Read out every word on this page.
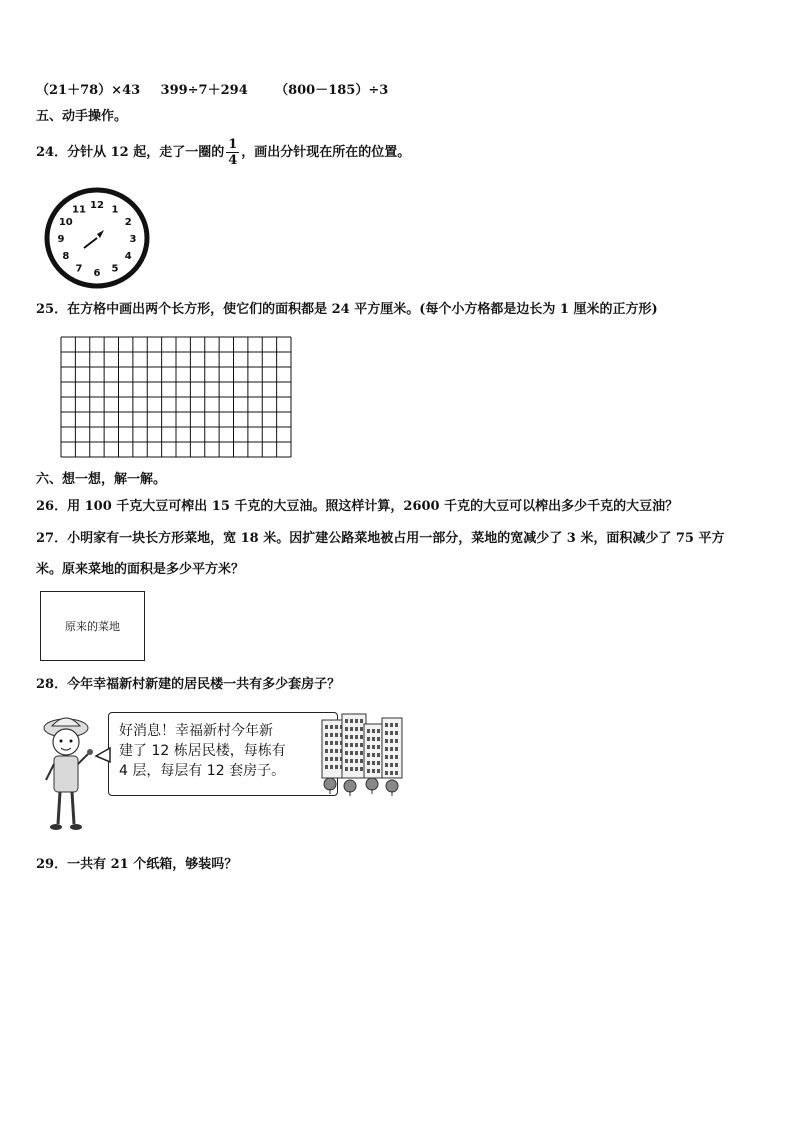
（21＋78）×43 399÷7＋294 （800－185）÷3
五、动手操作。
24．分针从 12 起，走了一圈的 $\frac{1}{4}$ ，画出分针现在所在的位置。
12 1
2
3
4
5
6
7
8
9
10
11
25．在方格中画出两个长方形，使它们的面积都是 24 平方厘米。(每个小方格都是边长为 1 厘米的正方形)
六、想一想，解一解。
26．用 100 千克大豆可榨出 15 千克的大豆油。照这样计算，2600 千克的大豆可以榨出多少千克的大豆油？
27．小明家有一块长方形菜地，宽 18 米。因扩建公路菜地被占用一部分，菜地的宽减少了 3 米，面积减少了 75 平方
米。原来菜地的面积是多少平方米？
原来的菜地
28．今年幸福新村新建的居民楼一共有多少套房子？
好消息！幸福新村今年新
建了 12 栋居民楼，每栋有
4 层，每层有 12 套房子。
29．一共有 21 个纸箱，够装吗？
